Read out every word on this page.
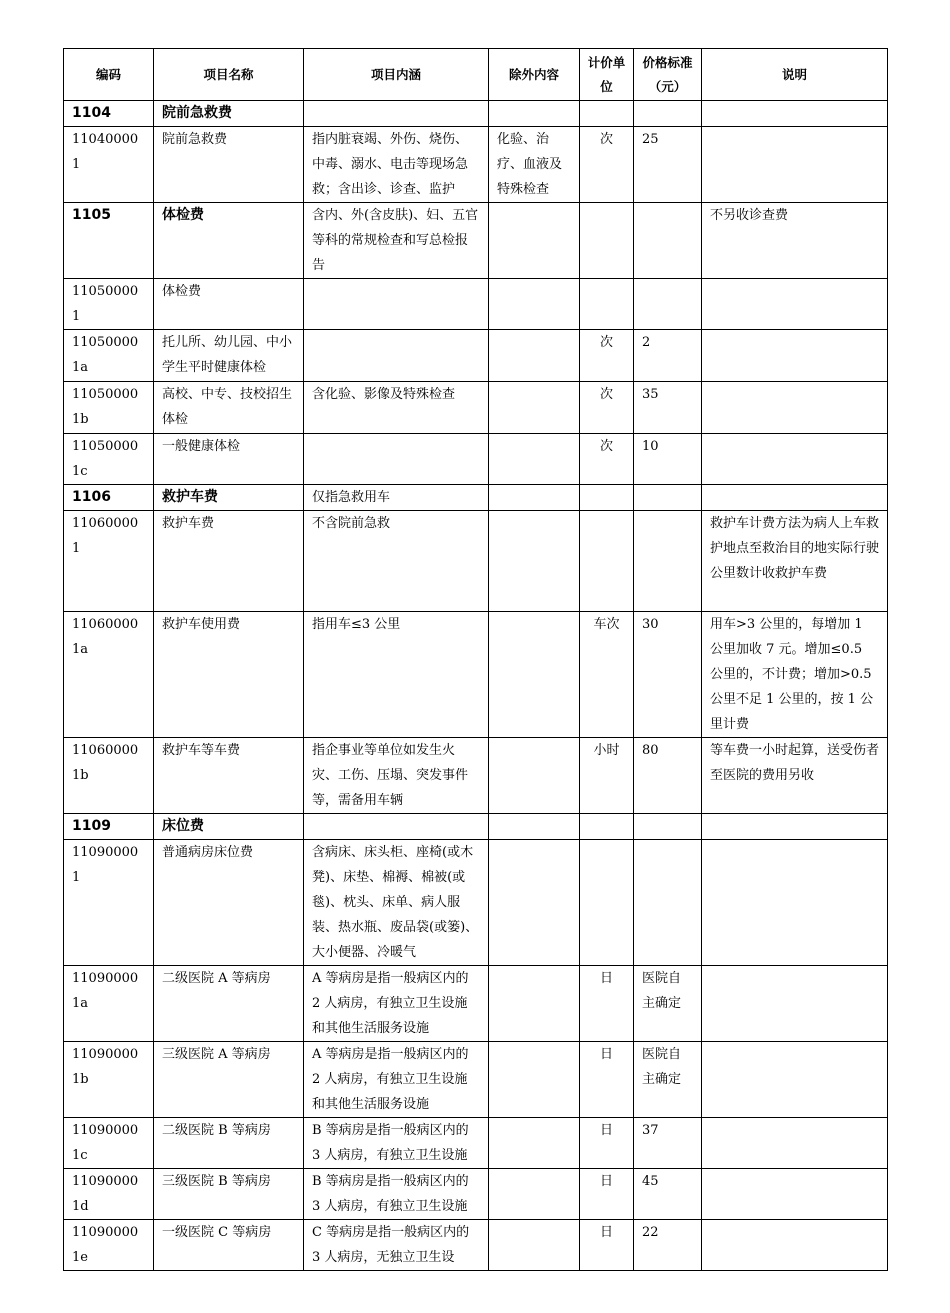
编码	项目名称	项目内涵	除外内容	计价单位	价格标准（元）	说明
1104	院前急救费					
110400001	院前急救费	指内脏衰竭、外伤、烧伤、中毒、溺水、电击等现场急救；含出诊、诊查、监护	化验、治疗、血液及特殊检查	次	25	
1105	体检费	含内、外(含皮肤)、妇、五官等科的常规检查和写总检报告				不另收诊查费
110500001	体检费					
110500001a	托儿所、幼儿园、中小学生平时健康体检			次	2	
110500001b	高校、中专、技校招生体检	含化验、影像及特殊检查		次	35	
110500001c	一般健康体检			次	10	
1106	救护车费	仅指急救用车				
110600001	救护车费	不含院前急救				救护车计费方法为病人上车救护地点至救治目的地实际行驶公里数计收救护车费
110600001a	救护车使用费	指用车≤3 公里		车次	30	用车>3 公里的，每增加 1 公里加收 7 元。增加≤0.5 公里的，不计费；增加>0.5 公里不足 1 公里的，按 1 公里计费
110600001b	救护车等车费	指企事业等单位如发生火灾、工伤、压塌、突发事件等，需备用车辆		小时	80	等车费一小时起算，送受伤者至医院的费用另收
1109	床位费					
110900001	普通病房床位费	含病床、床头柜、座椅(或木凳)、床垫、棉褥、棉被(或毯)、枕头、床单、病人服装、热水瓶、废品袋(或篓)、大小便器、冷暖气				
110900001a	二级医院 A 等病房	A 等病房是指一般病区内的 2 人病房，有独立卫生设施和其他生活服务设施		日	医院自主确定	
110900001b	三级医院 A 等病房	A 等病房是指一般病区内的 2 人病房，有独立卫生设施和其他生活服务设施		日	医院自主确定	
110900001c	二级医院 B 等病房	B 等病房是指一般病区内的 3 人病房，有独立卫生设施		日	37	
110900001d	三级医院 B 等病房	B 等病房是指一般病区内的 3 人病房，有独立卫生设施		日	45	
110900001e	一级医院 C 等病房	C 等病房是指一般病区内的 3 人病房，无独立卫生设		日	22	
